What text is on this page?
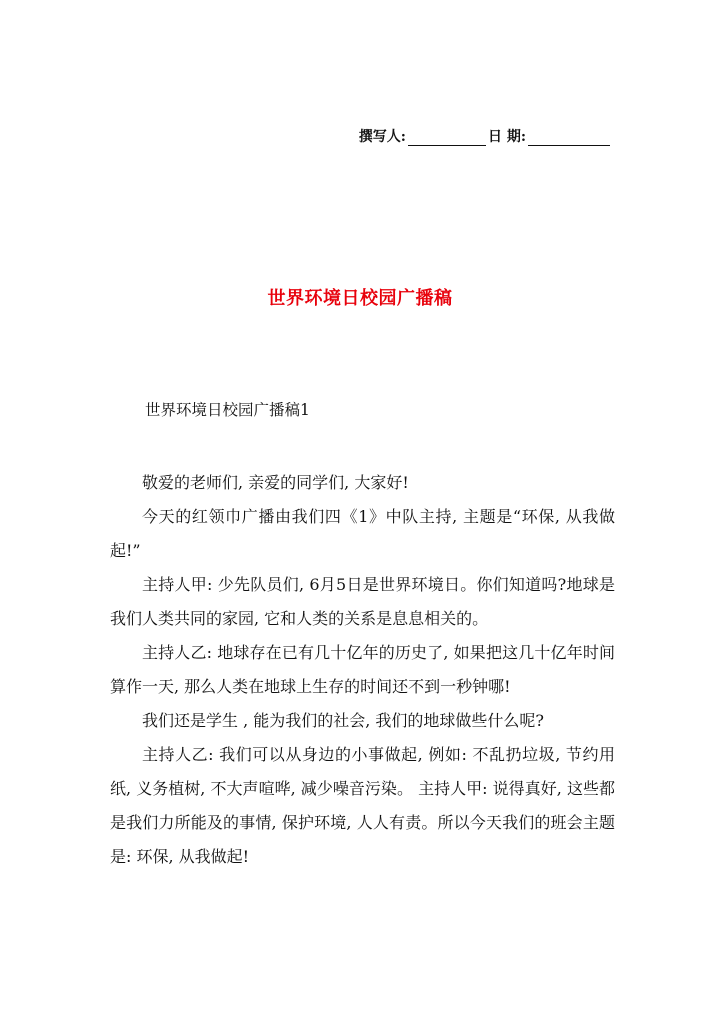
撰写人:	日 期:
世界环境日校园广播稿
世界环境日校园广播稿1

敬爱的老师们, 亲爱的同学们, 大家好!

今天的红领巾广播由我们四《1》中队主持, 主题是“环保, 从我做起!”

主持人甲: 少先队员们, 6月5日是世界环境日。你们知道吗?地球是我们人类共同的家园, 它和人类的关系是息息相关的。

主持人乙: 地球存在已有几十亿年的历史了, 如果把这几十亿年时间算作一天, 那么人类在地球上生存的时间还不到一秒钟哪!

我们还是学生 , 能为我们的社会, 我们的地球做些什么呢?

主持人乙: 我们可以从身边的小事做起, 例如: 不乱扔垃圾, 节约用纸, 义务植树, 不大声喧哗, 减少噪音污染。 主持人甲: 说得真好, 这些都是我们力所能及的事情, 保护环境, 人人有责。所以今天我们的班会主题是: 环保, 从我做起!
